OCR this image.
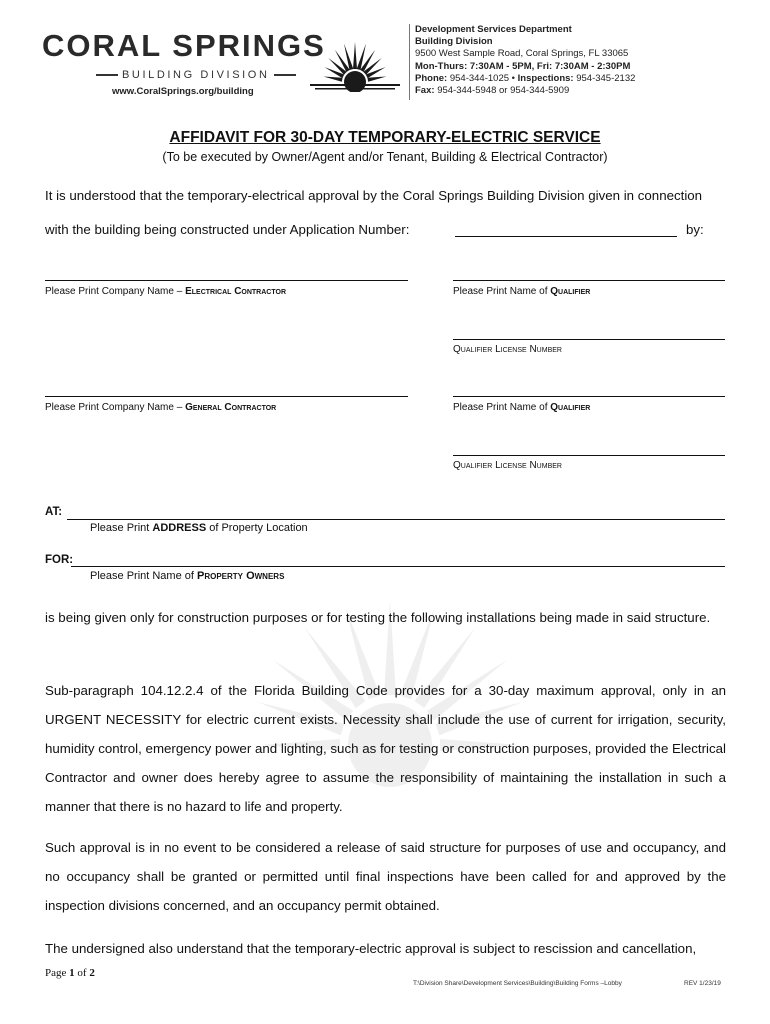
CORAL SPRINGS
BUILDING DIVISION
www.CoralSprings.org/building
Development Services Department
Building Division
9500 West Sample Road, Coral Springs, FL 33065
Mon-Thurs: 7:30AM - 5PM, Fri: 7:30AM - 2:30PM
Phone: 954-344-1025 • Inspections: 954-345-2132
Fax: 954-344-5948 or 954-344-5909
AFFIDAVIT FOR 30-DAY TEMPORARY-ELECTRIC SERVICE
(To be executed by Owner/Agent and/or Tenant, Building & Electrical Contractor)
It is understood that the temporary-electrical approval by the Coral Springs Building Division given in connection
with the building being constructed under Application Number:	by:
Please Print Company Name – Electrical Contractor	Please Print Name of Qualifier
Qualifier License Number
Please Print Company Name – General Contractor	Please Print Name of Qualifier
Qualifier License Number
AT:
Please Print ADDRESS of Property Location
FOR:
Please Print Name of Property Owners
is being given only for construction purposes or for testing the following installations being made in said structure.
Sub-paragraph 104.12.2.4 of the Florida Building Code provides for a 30-day maximum approval, only in an URGENT NECESSITY for electric current exists. Necessity shall include the use of current for irrigation, security, humidity control, emergency power and lighting, such as for testing or construction purposes, provided the Electrical Contractor and owner does hereby agree to assume the responsibility of maintaining the installation in such a manner that there is no hazard to life and property.
Such approval is in no event to be considered a release of said structure for purposes of use and occupancy, and no occupancy shall be granted or permitted until final inspections have been called for and approved by the inspection divisions concerned, and an occupancy permit obtained.
The undersigned also understand that the temporary-electric approval is subject to rescission and cancellation,
Page 1 of 2
T:\Division Share\Development Services\Building\Building Forms –Lobby	REV 1/23/19
